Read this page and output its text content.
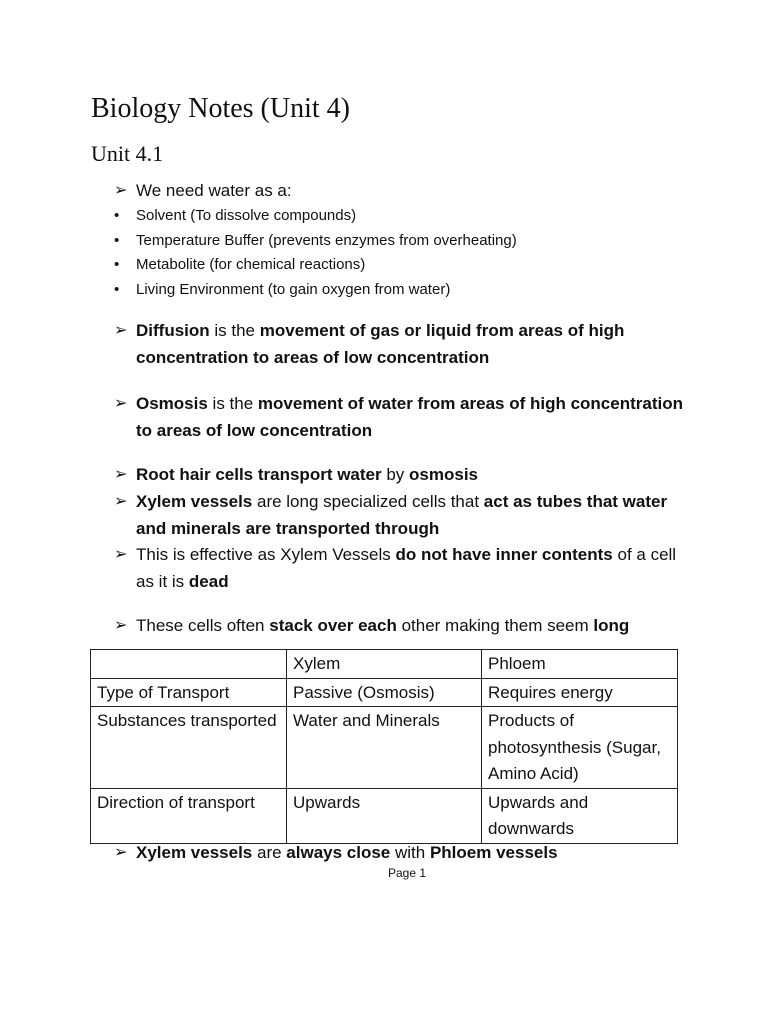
Biology Notes (Unit 4)
Unit 4.1
➢ We need water as a:
• Solvent (To dissolve compounds)
• Temperature Buffer (prevents enzymes from overheating)
• Metabolite (for chemical reactions)
• Living Environment (to gain oxygen from water)
➢ Diffusion is the movement of gas or liquid from areas of high concentration to areas of low concentration
➢ Osmosis is the movement of water from areas of high concentration to areas of low concentration
➢ Root hair cells transport water by osmosis
➢ Xylem vessels are long specialized cells that act as tubes that water and minerals are transported through
➢ This is effective as Xylem Vessels do not have inner contents of a cell as it is dead
➢ These cells often stack over each other making them seem long
	Xylem	Phloem
Type of Transport	Passive (Osmosis)	Requires energy
Substances transported	Water and Minerals	Products of photosynthesis (Sugar, Amino Acid)
Direction of transport	Upwards	Upwards and downwards
➢ Xylem vessels are always close with Phloem vessels
Page 1
